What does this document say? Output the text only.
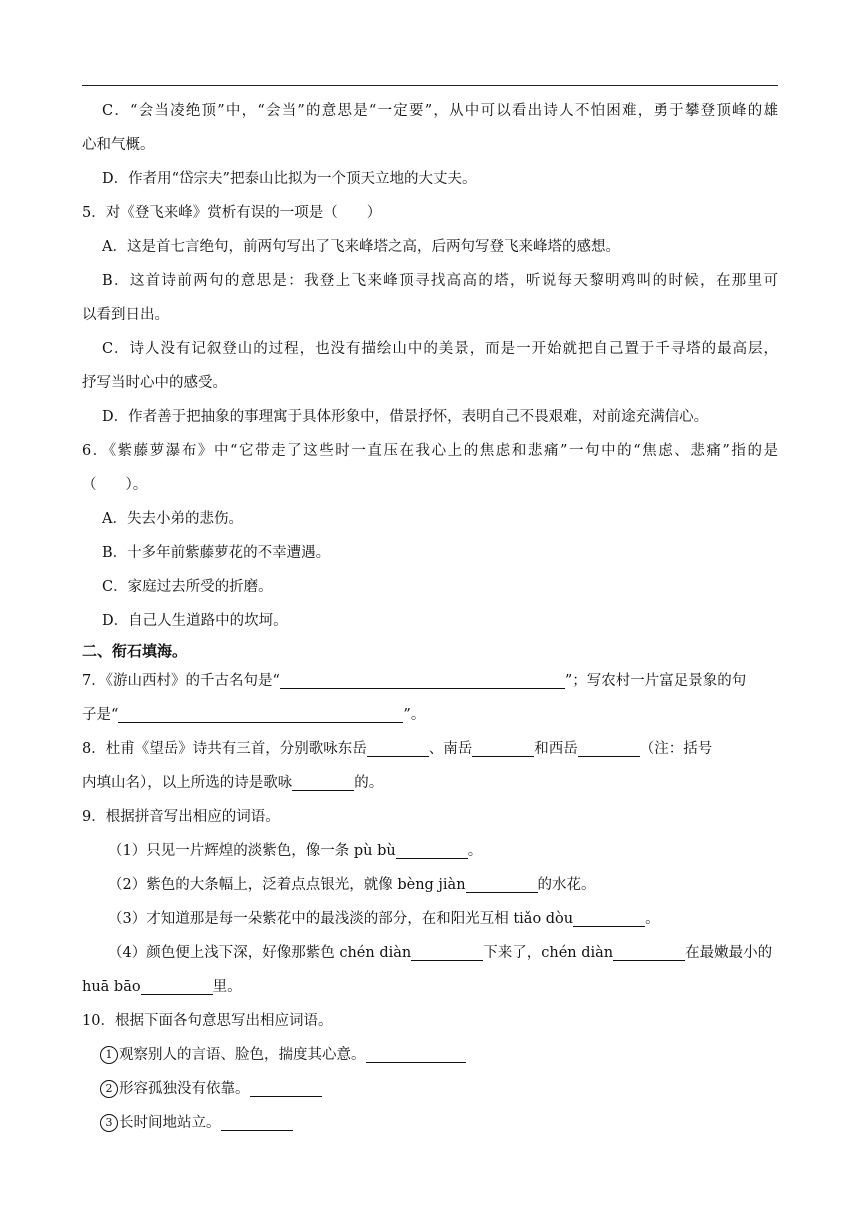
C．“会当凌绝顶”中，“会当”的意思是“一定要”，从中可以看出诗人不怕困难，勇于攀登顶峰的雄
心和气概。
D．作者用“岱宗夫”把泰山比拟为一个顶天立地的大丈夫。
5．对《登飞来峰》赏析有误的一项是（　　）
A．这是首七言绝句，前两句写出了飞来峰塔之高，后两句写登飞来峰塔的感想。
B．这首诗前两句的意思是：我登上飞来峰顶寻找高高的塔，听说每天黎明鸡叫的时候，在那里可
以看到日出。
C．诗人没有记叙登山的过程，也没有描绘山中的美景，而是一开始就把自己置于千寻塔的最高层，
抒写当时心中的感受。
D．作者善于把抽象的事理寓于具体形象中，借景抒怀，表明自己不畏艰难，对前途充满信心。
6．《紫藤萝瀑布》中“它带走了这些时一直压在我心上的焦虑和悲痛”一句中的“焦虑、悲痛”指的是
（　　）。
A．失去小弟的悲伤。
B．十多年前紫藤萝花的不幸遭遇。
C．家庭过去所受的折磨。
D．自己人生道路中的坎坷。
二、衔石填海。
7．《游山西村》的千古名句是“	”；写农村一片富足景象的句
子是“	”。
8．杜甫《望岳》诗共有三首，分别歌咏东岳	、南岳	和西岳	（注：括号
内填山名），以上所选的诗是歌咏	的。
9．根据拼音写出相应的词语。
（1）只见一片辉煌的淡紫色，像一条 pù bù	。
（2）紫色的大条幅上，泛着点点银光，就像 bèng jiàn	的水花。
（3）才知道那是每一朵紫花中的最浅淡的部分，在和阳光互相 tiǎo dòu	。
（4）颜色便上浅下深，好像那紫色 chén diàn	下来了，chén diàn	在最嫩最小的
huā bāo	里。
10．根据下面各句意思写出相应词语。
1 观察别人的言语、脸色，揣度其心意。
2 形容孤独没有依靠。
3 长时间地站立。
